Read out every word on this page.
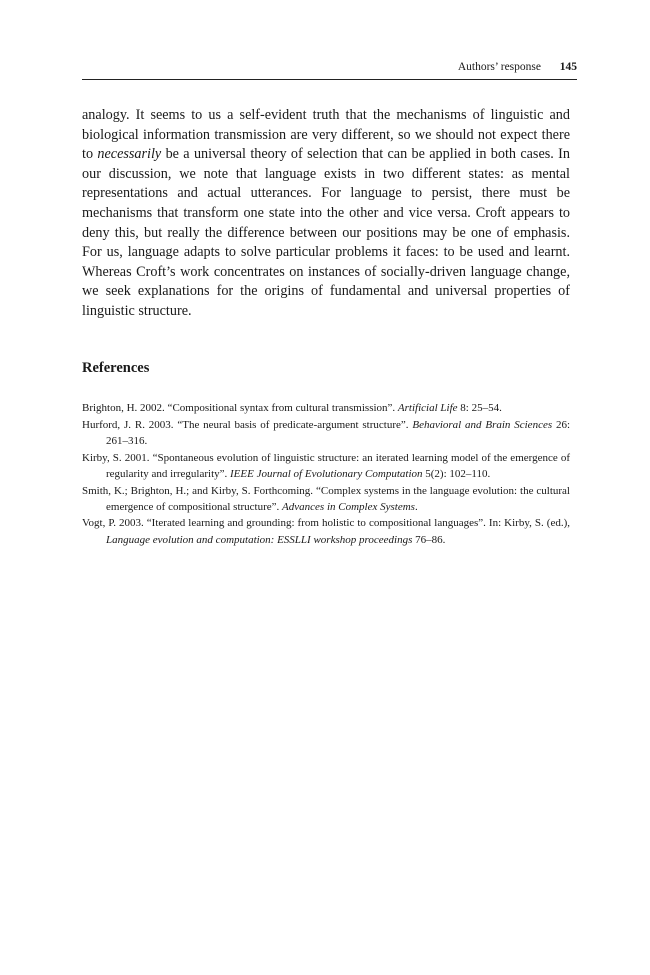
Authors’ response 145

analogy. It seems to us a self-evident truth that the mechanisms of linguistic and biological information transmission are very different, so we should not expect there to necessarily be a universal theory of selection that can be applied in both cases. In our discussion, we note that language exists in two different states: as mental representations and actual utterances. For language to persist, there must be mechanisms that transform one state into the other and vice versa. Croft appears to deny this, but really the difference between our positions may be one of emphasis. For us, language adapts to solve particular problems it faces: to be used and learnt. Whereas Croft’s work concentrates on instances of socially-driven language change, we seek explanations for the origins of fundamental and universal properties of linguistic structure.

References
Brighton, H. 2002. “Compositional syntax from cultural transmission”. Artificial Life 8: 25–54.
Hurford, J. R. 2003. “The neural basis of predicate-argument structure”. Behavioral and Brain Sciences 26: 261–316.
Kirby, S. 2001. “Spontaneous evolution of linguistic structure: an iterated learning model of the emergence of regularity and irregularity”. IEEE Journal of Evolutionary Computation 5(2): 102–110.
Smith, K.; Brighton, H.; and Kirby, S. Forthcoming. “Complex systems in the language evolution: the cultural emergence of compositional structure”. Advances in Complex Systems.
Vogt, P. 2003. “Iterated learning and grounding: from holistic to compositional languages”. In: Kirby, S. (ed.), Language evolution and computation: ESSLLI workshop proceedings 76–86.
